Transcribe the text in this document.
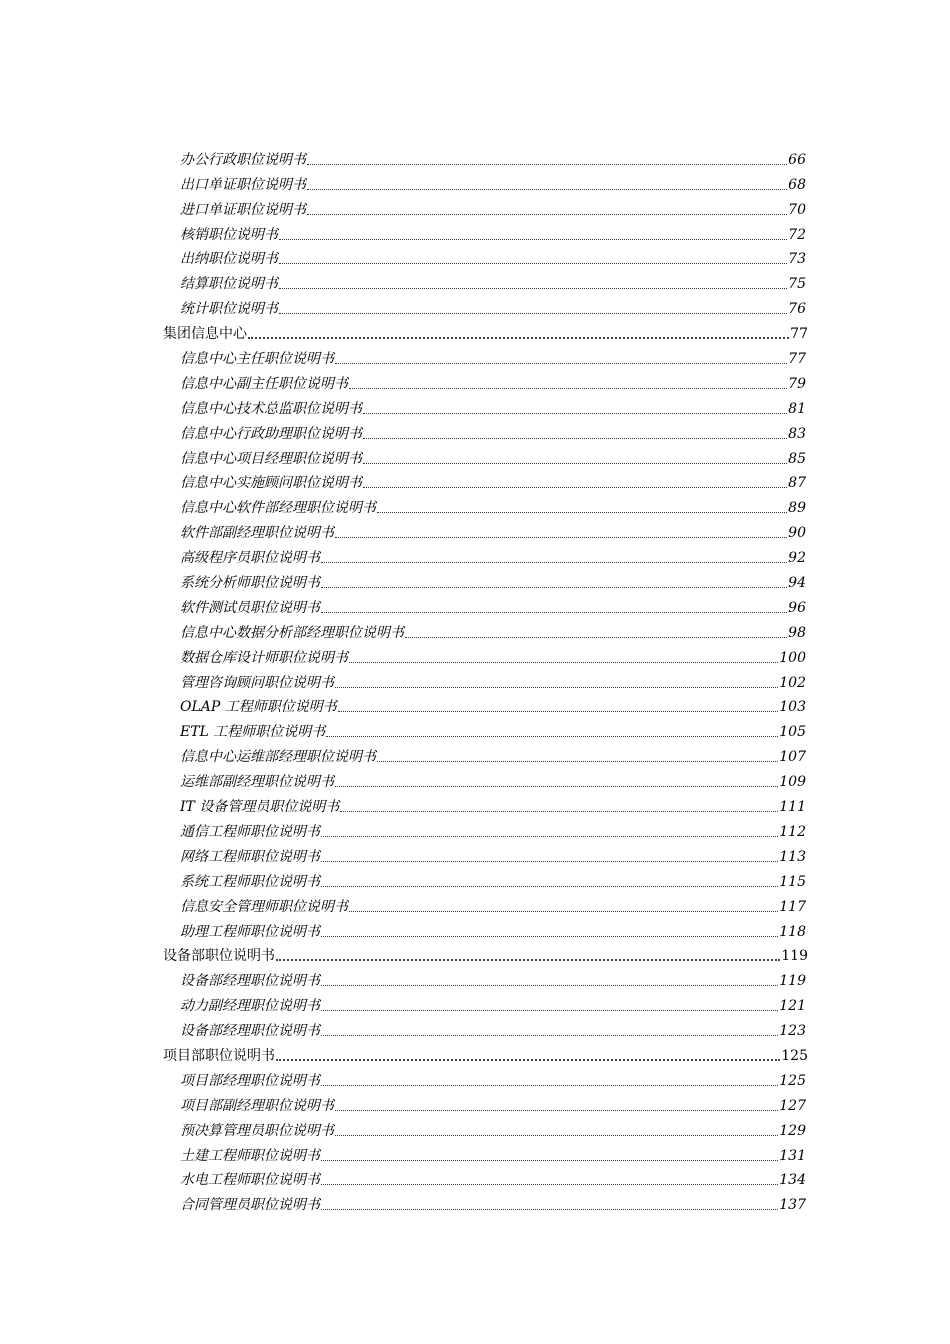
办公行政职位说明书	66
出口单证职位说明书	68
进口单证职位说明书	70
核销职位说明书	72
出纳职位说明书	73
结算职位说明书	75
统计职位说明书	76
集团信息中心	77
信息中心主任职位说明书	77
信息中心副主任职位说明书	79
信息中心技术总监职位说明书	81
信息中心行政助理职位说明书	83
信息中心项目经理职位说明书	85
信息中心实施顾问职位说明书	87
信息中心软件部经理职位说明书	89
软件部副经理职位说明书	90
高级程序员职位说明书	92
系统分析师职位说明书	94
软件测试员职位说明书	96
信息中心数据分析部经理职位说明书	98
数据仓库设计师职位说明书	100
管理咨询顾问职位说明书	102
OLAP 工程师职位说明书	103
ETL 工程师职位说明书	105
信息中心运维部经理职位说明书	107
运维部副经理职位说明书	109
IT 设备管理员职位说明书	111
通信工程师职位说明书	112
网络工程师职位说明书	113
系统工程师职位说明书	115
信息安全管理师职位说明书	117
助理工程师职位说明书	118
设备部职位说明书	119
设备部经理职位说明书	119
动力副经理职位说明书	121
设备部经理职位说明书	123
项目部职位说明书	125
项目部经理职位说明书	125
项目部副经理职位说明书	127
预决算管理员职位说明书	129
土建工程师职位说明书	131
水电工程师职位说明书	134
合同管理员职位说明书	137
